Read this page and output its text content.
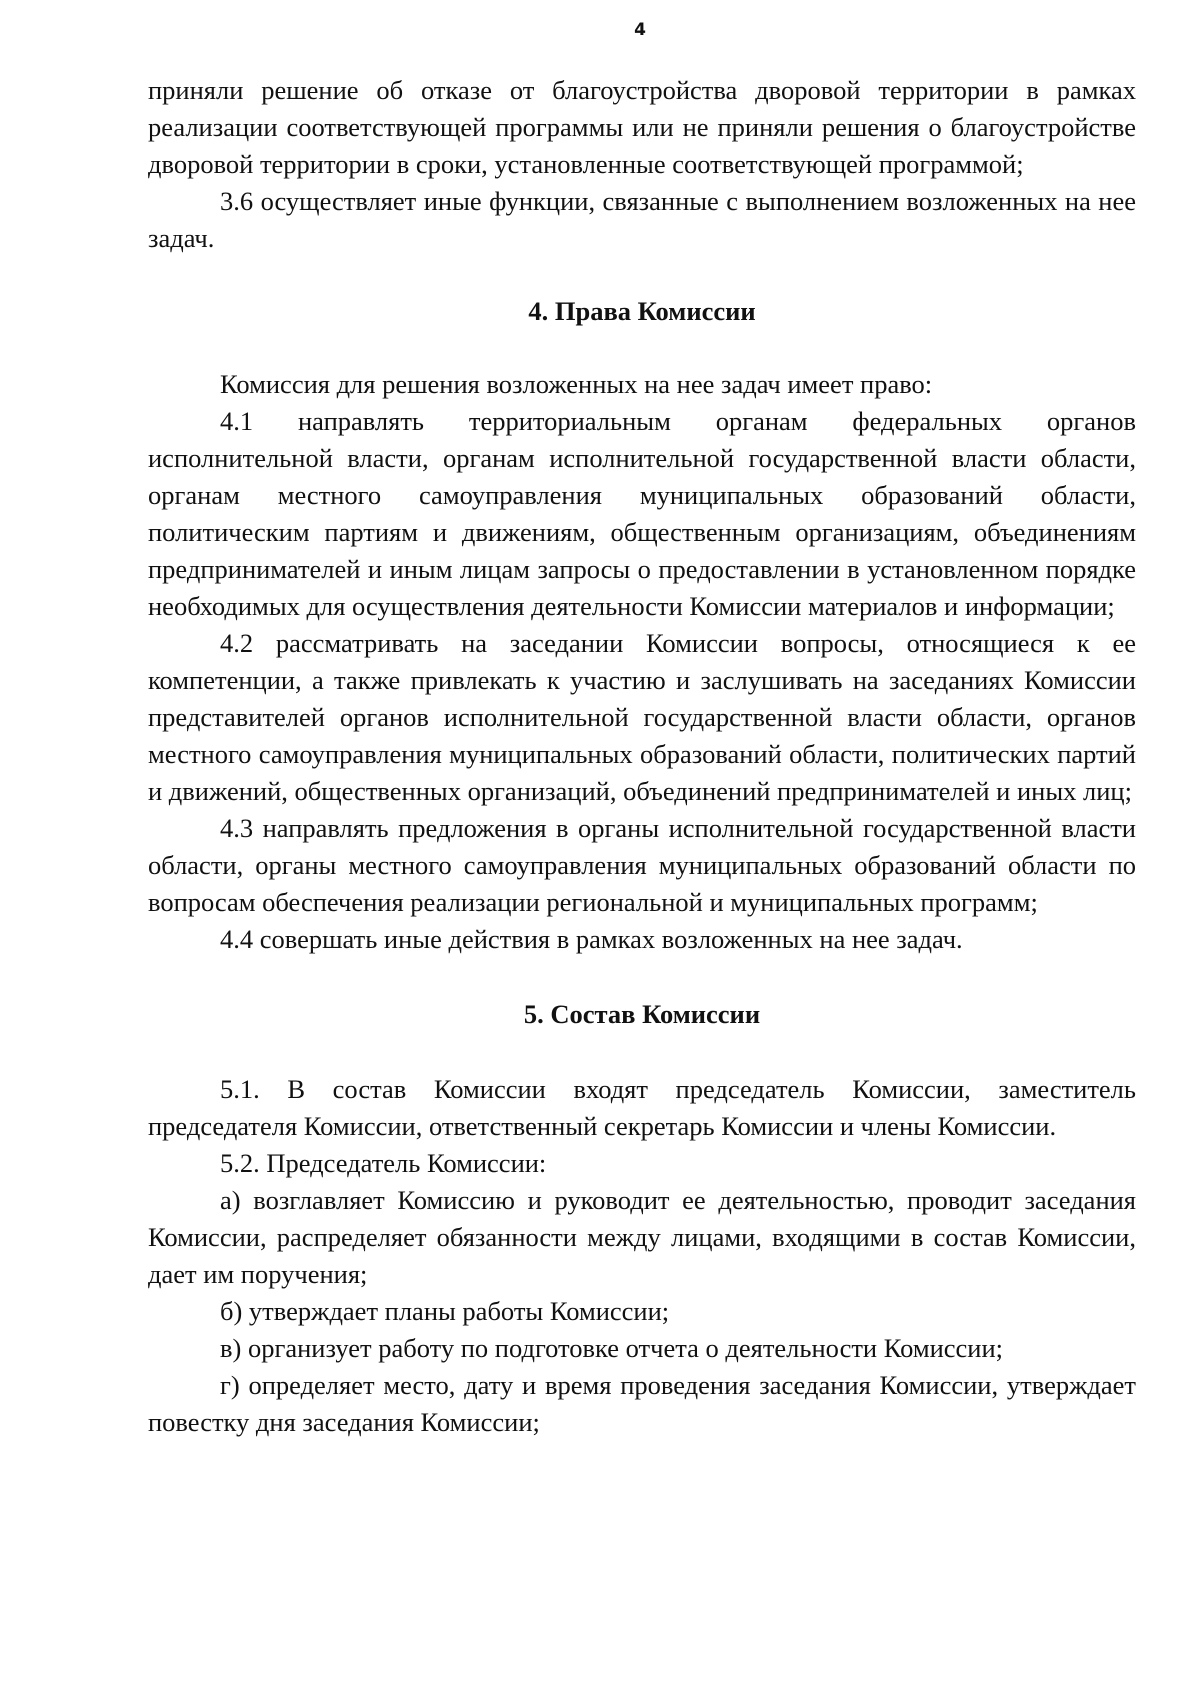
4

приняли решение об отказе от благоустройства дворовой территории в рамках реализации соответствующей программы или не приняли решения о благоустройстве дворовой территории в сроки, установленные соответствующей программой;

3.6 осуществляет иные функции, связанные с выполнением возложенных на нее задач.

4. Права Комиссии

Комиссия для решения возложенных на нее задач имеет право:

4.1 направлять территориальным органам федеральных органов исполнительной власти, органам исполнительной государственной власти области, органам местного самоуправления муниципальных образований области, политическим партиям и движениям, общественным организациям, объединениям предпринимателей и иным лицам запросы о предоставлении в установленном порядке необходимых для осуществления деятельности Комиссии материалов и информации;

4.2 рассматривать на заседании Комиссии вопросы, относящиеся к ее компетенции, а также привлекать к участию и заслушивать на заседаниях Комиссии представителей органов исполнительной государственной власти области, органов местного самоуправления муниципальных образований области, политических партий и движений, общественных организаций, объединений предпринимателей и иных лиц;

4.3 направлять предложения в органы исполнительной государственной власти области, органы местного самоуправления муниципальных образований области по вопросам обеспечения реализации региональной и муниципальных программ;

4.4 совершать иные действия в рамках возложенных на нее задач.

5. Состав Комиссии

5.1. В состав Комиссии входят председатель Комиссии, заместитель председателя Комиссии, ответственный секретарь Комиссии и члены Комиссии.

5.2. Председатель Комиссии:

а) возглавляет Комиссию и руководит ее деятельностью, проводит заседания Комиссии, распределяет обязанности между лицами, входящими в состав Комиссии, дает им поручения;

б) утверждает планы работы Комиссии;

в) организует работу по подготовке отчета о деятельности Комиссии;

г) определяет место, дату и время проведения заседания Комиссии, утверждает повестку дня заседания Комиссии;
